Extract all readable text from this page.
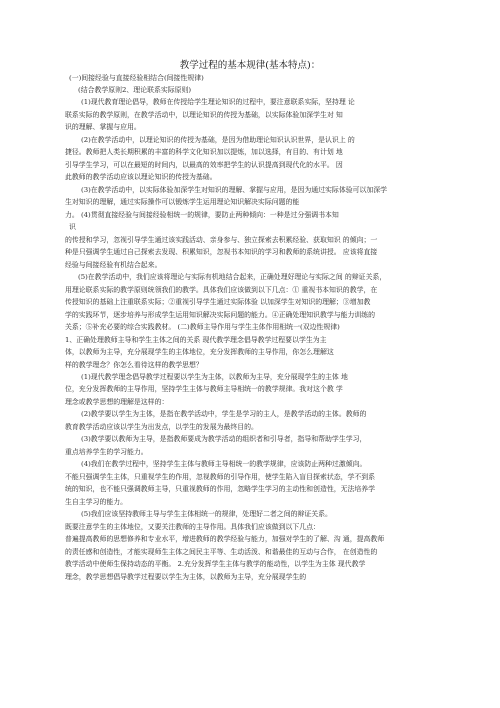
教学过程的基本规律(基本特点)：
(一)间接经验与直接经验相结合(间接性规律)
(结合教学原则2、理论联系实际原则)
(1)现代教育理论倡导，教师在传授给学生理论知识的过程中，要注意联系实际，坚持理 论
联系实际的教学原则，在教学活动中，以理论知识的传授为基础，以实际体验加深学生对 知
识的理解、掌握与应用。
(2)在教学活动中，以理论知识的传授为基础，是因为借助理论知识认识世界，是认识上 的
捷径。教师把人类长期积累的丰富的科学文化知识加以提炼，加以选择，有目的、有计划 地
引导学生学习，可以在最短的时间内，以最高的效率把学生的认识提高到现代化的水平。 因
此教师的教学活动应该以理论知识的传授为基础。
(3)在教学活动中，以实际体验加深学生对知识的理解、掌握与应用，是因为通过实际体验可以加深学
生对知识的理解，通过实际操作可以锻炼学生运用理论知识解决实际问题的能
力。 (4)贯彻直接经验与间接经验相统一的规律，要防止两种倾向：一种是过分强调书本知
识
的传授和学习，忽视引导学生通过该实践活动、亲身参与、独立探索去积累经验、获取知识 的倾向；一
种是只强调学生通过自己探索去发现、积累知识，忽视书本知识的学习和教师的系统讲授。 应该将直接
经验与间接经验有机结合起来。
(5)在教学活动中，我们应该将理论与实际有机地结合起来，正确处理好理论与实际之间 的辩证关系，
用理论联系实际的教学原则统领我们的教学。具体我们应该做到以下几点：① 重视书本知识的教学，在
传授知识的基础上注重联系实际；②重视引导学生通过实际体验 以加深学生对知识的理解；③增加教
学的实践环节，逐步培养与形成学生运用知识解决实际问题的能力。④正确处理知识教学与能力训练的
关系；⑤补充必要的综合实践教材。 (二)教师主导作用与学生主体作用相统一(双边性规律)
1、正确处理教师主导和学生主体之间的关系 现代教学理念倡导教学过程要以学生为主
体，以教师为主导，充分展现学生的主体地位，充分发挥教师的主导作用，你怎么理解这
样的教学理念？你怎么看待这样的教学思想？
(1)现代教学理念倡导教学过程要以学生为主体，以教师为主导，充分展现学生的主体 地
位，充分发挥教师的主导作用，坚持学生主体与教师主导相统一的教学规律。我对这个教 学
理念或教学思想的理解是这样的：
(2)教学要以学生为主体，是指在教学活动中，学生是学习的主人，是教学活动的主体。教师的
教育教学活动应该以学生为出发点，以学生的发展为最终目的。
(3)教学要以教师为主导，是指教师要成为教学活动的组织者和引导者，指导和帮助学生学习，
重点培养学生的学习能力。
(4)我们在教学过程中，坚持学生主体与教师主导相统一的教学规律，应该防止两种过激倾向。
不能只强调学生主体，只重视学生的作用，忽视教师的引导作用，使学生陷入盲目探索状态，学不到系
统的知识，也不能只强调教师主导，只重视教师的作用，忽略学生学习的主动性和创造性，无法培养学
生自主学习的能力。
(5)我们应该坚持教师主导与学生主体相统一的规律，处理好二者之间的辩证关系。
既要注意学生的主体地位，又要关注教师的主导作用。具体我们应该做到以下几点：
普遍提高教师的思想修养和专业水平，增进教师的教学经验与能力，加强对学生的了解、沟 通，提高教师
的责任感和创造性，才能实现师生主体之间民主平等、生动活泼、和谐最佳的互动与合作， 在创造性的
教学活动中使师生保持动态的平衡。 2.充分发挥学生主体与教学的能动性，以学生为主体 现代教学
理念，教学思想倡导教学过程要以学生为主体，以教师为主导，充分展现学生的
